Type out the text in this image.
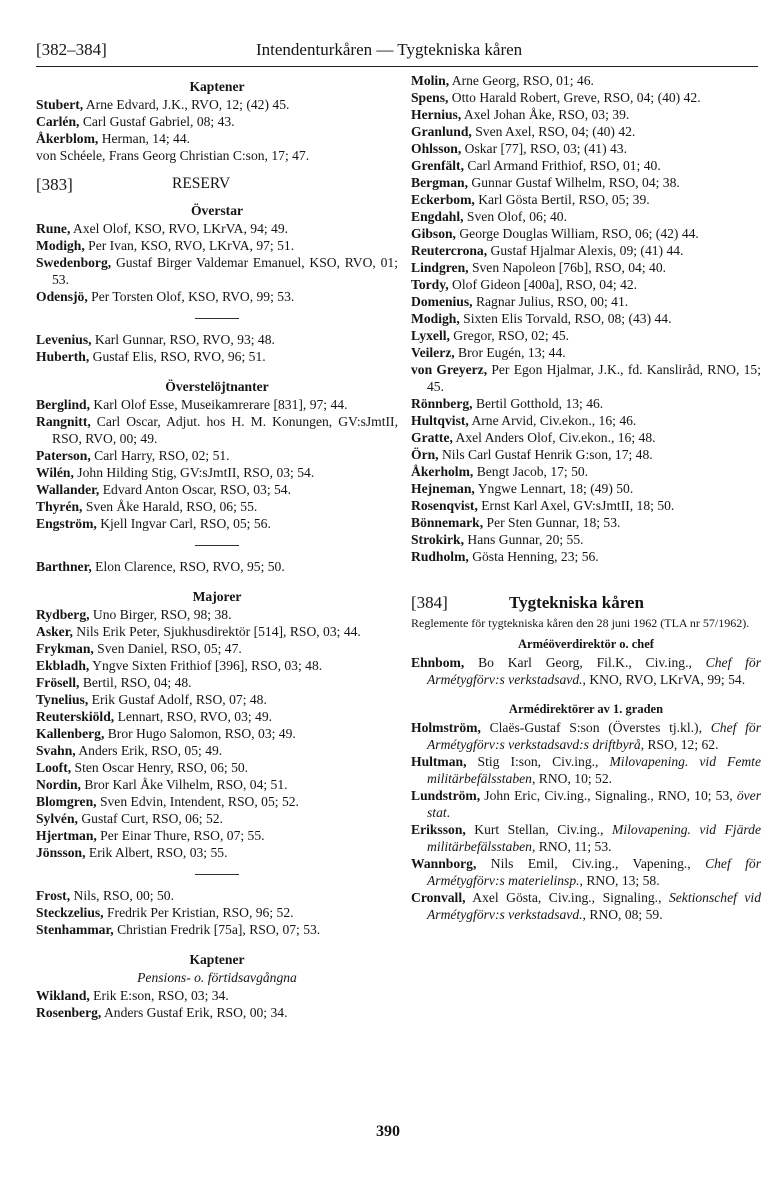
[382–384]	Intendenturkåren — Tygtekniska kåren
Kaptener
Stubert, Arne Edvard, J.K., RVO, 12; (42) 45.
Carlén, Carl Gustaf Gabriel, 08; 43.
Åkerblom, Herman, 14; 44.
von Schéele, Frans Georg Christian C:son, 17; 47.
[383]	RESERV
Överstar
Rune, Axel Olof, KSO, RVO, LKrVA, 94; 49.
Modigh, Per Ivan, KSO, RVO, LKrVA, 97; 51.
Swedenborg, Gustaf Birger Valdemar Emanuel, KSO, RVO, 01; 53.
Odensjö, Per Torsten Olof, KSO, RVO, 99; 53.
Levenius, Karl Gunnar, RSO, RVO, 93; 48.
Huberth, Gustaf Elis, RSO, RVO, 96; 51.
Överstelöjtnanter
Berglind, Karl Olof Esse, Museikamrerare [831], 97; 44.
Rangnitt, Carl Oscar, Adjut. hos H. M. Konungen, GV:sJmtII, RSO, RVO, 00; 49.
Paterson, Carl Harry, RSO, 02; 51.
Wilén, John Hilding Stig, GV:sJmtII, RSO, 03; 54.
Wallander, Edvard Anton Oscar, RSO, 03; 54.
Thyrén, Sven Åke Harald, RSO, 06; 55.
Engström, Kjell Ingvar Carl, RSO, 05; 56.
Barthner, Elon Clarence, RSO, RVO, 95; 50.
Majorer
Rydberg, Uno Birger, RSO, 98; 38.
Asker, Nils Erik Peter, Sjukhusdirektör [514], RSO, 03; 44.
Frykman, Sven Daniel, RSO, 05; 47.
Ekbladh, Yngve Sixten Frithiof [396], RSO, 03; 48.
Frösell, Bertil, RSO, 04; 48.
Tynelius, Erik Gustaf Adolf, RSO, 07; 48.
Reuterskiöld, Lennart, RSO, RVO, 03; 49.
Kallenberg, Bror Hugo Salomon, RSO, 03; 49.
Svahn, Anders Erik, RSO, 05; 49.
Looft, Sten Oscar Henry, RSO, 06; 50.
Nordin, Bror Karl Åke Vilhelm, RSO, 04; 51.
Blomgren, Sven Edvin, Intendent, RSO, 05; 52.
Sylvén, Gustaf Curt, RSO, 06; 52.
Hjertman, Per Einar Thure, RSO, 07; 55.
Jönsson, Erik Albert, RSO, 03; 55.
Frost, Nils, RSO, 00; 50.
Steckzelius, Fredrik Per Kristian, RSO, 96; 52.
Stenhammar, Christian Fredrik [75a], RSO, 07; 53.
Kaptener
Pensions- o. förtidsavgångna
Wikland, Erik E:son, RSO, 03; 34.
Rosenberg, Anders Gustaf Erik, RSO, 00; 34.
Molin, Arne Georg, RSO, 01; 46.
Spens, Otto Harald Robert, Greve, RSO, 04; (40) 42.
Hernius, Axel Johan Åke, RSO, 03; 39.
Granlund, Sven Axel, RSO, 04; (40) 42.
Ohlsson, Oskar [77], RSO, 03; (41) 43.
Grenfält, Carl Armand Frithiof, RSO, 01; 40.
Bergman, Gunnar Gustaf Wilhelm, RSO, 04; 38.
Eckerbom, Karl Gösta Bertil, RSO, 05; 39.
Engdahl, Sven Olof, 06; 40.
Gibson, George Douglas William, RSO, 06; (42) 44.
Reutercrona, Gustaf Hjalmar Alexis, 09; (41) 44.
Lindgren, Sven Napoleon [76b], RSO, 04; 40.
Tordy, Olof Gideon [400a], RSO, 04; 42.
Domenius, Ragnar Julius, RSO, 00; 41.
Modigh, Sixten Elis Torvald, RSO, 08; (43) 44.
Lyxell, Gregor, RSO, 02; 45.
Veilerz, Bror Eugén, 13; 44.
von Greyerz, Per Egon Hjalmar, J.K., fd. Kansliråd, RNO, 15; 45.
Rönnberg, Bertil Gotthold, 13; 46.
Hultqvist, Arne Arvid, Civ.ekon., 16; 46.
Gratte, Axel Anders Olof, Civ.ekon., 16; 48.
Örn, Nils Carl Gustaf Henrik G:son, 17; 48.
Åkerholm, Bengt Jacob, 17; 50.
Hejneman, Yngwe Lennart, 18; (49) 50.
Rosenqvist, Ernst Karl Axel, GV:sJmtII, 18; 50.
Bönnemark, Per Sten Gunnar, 18; 53.
Strokirk, Hans Gunnar, 20; 55.
Rudholm, Gösta Henning, 23; 56.
[384]	Tygtekniska kåren
Reglemente för tygtekniska kåren den 28 juni 1962 (TLA nr 57/1962).
Arméöverdirektör o. chef
Ehnbom, Bo Karl Georg, Fil.K., Civ.ing., Chef för Armétygförv:s verkstadsavd., KNO, RVO, LKrVA, 99; 54.
Armédirektörer av 1. graden
Holmström, Claës-Gustaf S:son (Överstes tj.kl.), Chef för Armétygförv:s verkstadsavd:s driftbyrå, RSO, 12; 62.
Hultman, Stig I:son, Civ.ing., Milovapening. vid Femte militärbefälsstaben, RNO, 10; 52.
Lundström, John Eric, Civ.ing., Signaling., RNO, 10; 53, över stat.
Eriksson, Kurt Stellan, Civ.ing., Milovapening. vid Fjärde militärbefälsstaben, RNO, 11; 53.
Wannborg, Nils Emil, Civ.ing., Vapening., Chef för Armétygförv:s materielinsp., RNO, 13; 58.
Cronvall, Axel Gösta, Civ.ing., Signaling., Sektionschef vid Armétygförv:s verkstadsavd., RNO, 08; 59.
390
